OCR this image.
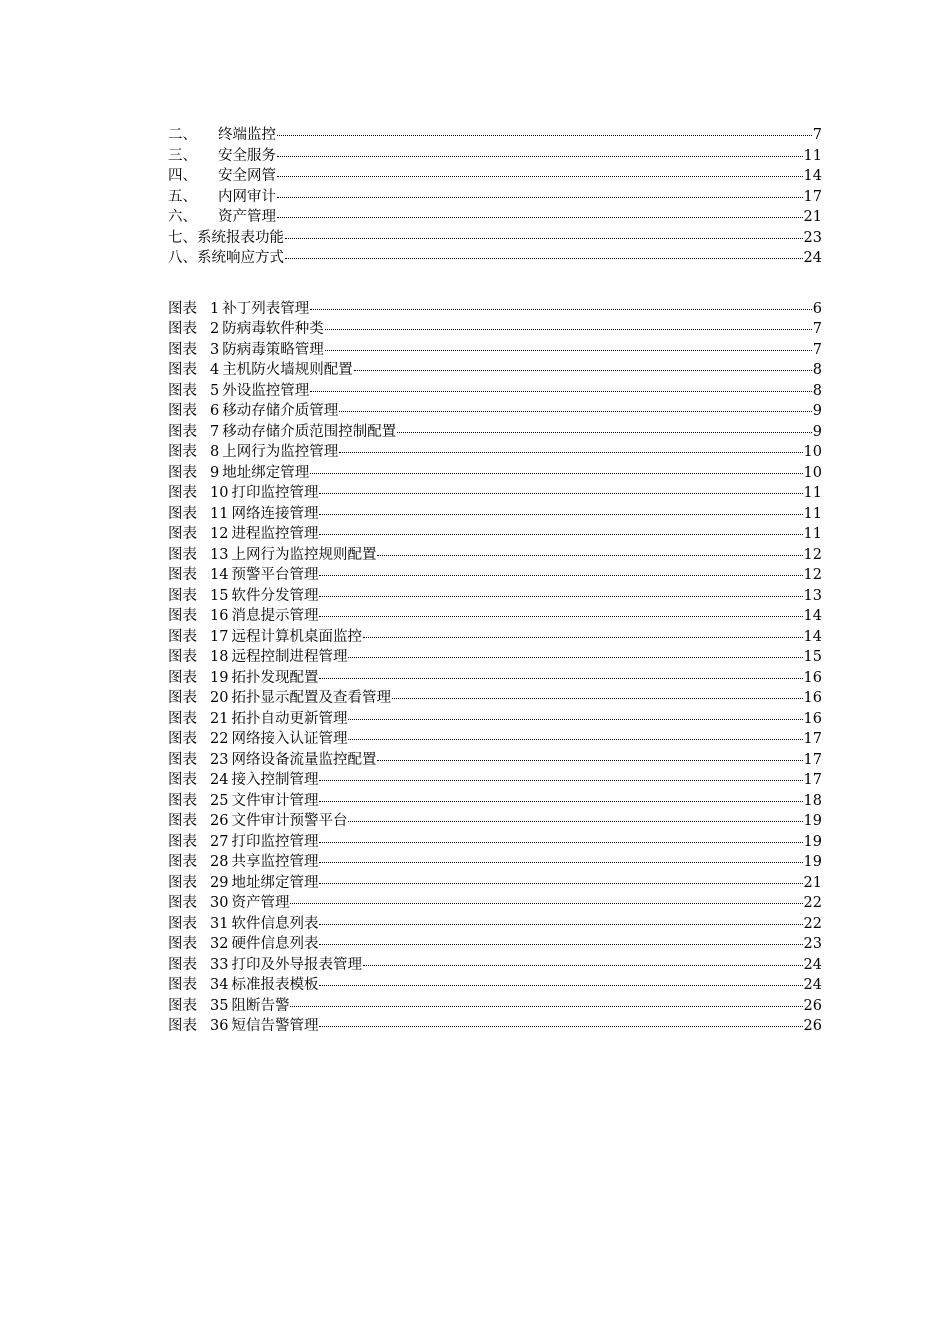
二、	终端监控	7
三、	安全服务	11
四、	安全网管	14
五、	内网审计	17
六、	资产管理	21
七、 系统报表功能	23
八、 系统响应方式	24
图表 1 补丁列表管理	6
图表 2 防病毒软件种类	7
图表 3 防病毒策略管理	7
图表 4 主机防火墙规则配置	8
图表 5 外设监控管理	8
图表 6 移动存储介质管理	9
图表 7 移动存储介质范围控制配置	9
图表 8 上网行为监控管理	10
图表 9 地址绑定管理	10
图表 10 打印监控管理	11
图表 11 网络连接管理	11
图表 12 进程监控管理	11
图表 13 上网行为监控规则配置	12
图表 14 预警平台管理	12
图表 15 软件分发管理	13
图表 16 消息提示管理	14
图表 17 远程计算机桌面监控	14
图表 18 远程控制进程管理	15
图表 19 拓扑发现配置	16
图表 20 拓扑显示配置及查看管理	16
图表 21 拓扑自动更新管理	16
图表 22 网络接入认证管理	17
图表 23 网络设备流量监控配置	17
图表 24 接入控制管理	17
图表 25 文件审计管理	18
图表 26 文件审计预警平台	19
图表 27 打印监控管理	19
图表 28 共享监控管理	19
图表 29 地址绑定管理	21
图表 30 资产管理	22
图表 31 软件信息列表	22
图表 32 硬件信息列表	23
图表 33 打印及外导报表管理	24
图表 34 标准报表模板	24
图表 35 阻断告警	26
图表 36 短信告警管理	26
